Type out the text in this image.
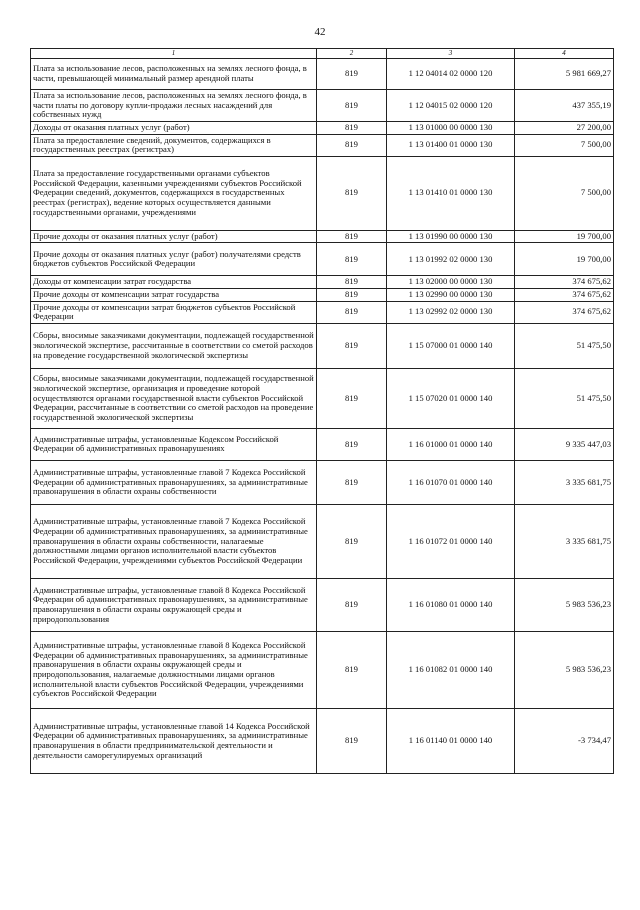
42
1	2	3	4
Плата за использование лесов, расположенных на землях лесного фонда, в части, превышающей минимальный размер арендной платы	819	1 12 04014 02 0000 120	5 981 669,27
Плата за использование лесов, расположенных на землях лесного фонда, в части платы по договору купли-продажи лесных насаждений для собственных нужд	819	1 12 04015 02 0000 120	437 355,19
Доходы от оказания платных услуг (работ)	819	1 13 01000 00 0000 130	27 200,00
Плата за предоставление сведений, документов, содержащихся в государственных реестрах (регистрах)	819	1 13 01400 01 0000 130	7 500,00
Плата за предоставление государственными органами субъектов Российской Федерации, казенными учреждениями субъектов Российской Федерации сведений, документов, содержащихся в государственных реестрах (регистрах), ведение которых осуществляется данными государственными органами, учреждениями	819	1 13 01410 01 0000 130	7 500,00
Прочие доходы от оказания платных услуг (работ)	819	1 13 01990 00 0000 130	19 700,00
Прочие доходы от оказания платных услуг (работ) получателями средств бюджетов субъектов Российской Федерации	819	1 13 01992 02 0000 130	19 700,00
Доходы от компенсации затрат государства	819	1 13 02000 00 0000 130	374 675,62
Прочие доходы от компенсации затрат государства	819	1 13 02990 00 0000 130	374 675,62
Прочие доходы от компенсации затрат бюджетов субъектов Российской Федерации	819	1 13 02992 02 0000 130	374 675,62
Сборы, вносимые заказчиками документации, подлежащей государственной экологической экспертизе, рассчитанные в соответствии со сметой расходов на проведение государственной экологической экспертизы	819	1 15 07000 01 0000 140	51 475,50
Сборы, вносимые заказчиками документации, подлежащей государственной экологической экспертизе, организация и проведение которой осуществляются органами государственной власти субъектов Российской Федерации, рассчитанные в соответствии со сметой расходов на проведение государственной экологической экспертизы	819	1 15 07020 01 0000 140	51 475,50
Административные штрафы, установленные Кодексом Российской Федерации об административных правонарушениях	819	1 16 01000 01 0000 140	9 335 447,03
Административные штрафы, установленные главой 7 Кодекса Российской Федерации об административных правонарушениях, за административные правонарушения в области охраны собственности	819	1 16 01070 01 0000 140	3 335 681,75
Административные штрафы, установленные главой 7 Кодекса Российской Федерации об административных правонарушениях, за административные правонарушения в области охраны собственности, налагаемые должностными лицами органов исполнительной власти субъектов Российской Федерации, учреждениями субъектов Российской Федерации	819	1 16 01072 01 0000 140	3 335 681,75
Административные штрафы, установленные главой 8 Кодекса Российской Федерации об административных правонарушениях, за административные правонарушения в области охраны окружающей среды и природопользования	819	1 16 01080 01 0000 140	5 983 536,23
Административные штрафы, установленные главой 8 Кодекса Российской Федерации об административных правонарушениях, за административные правонарушения в области охраны окружающей среды и природопользования, налагаемые должностными лицами органов исполнительной власти субъектов Российской Федерации, учреждениями субъектов Российской Федерации	819	1 16 01082 01 0000 140	5 983 536,23
Административные штрафы, установленные главой 14 Кодекса Российской Федерации об административных правонарушениях, за административные правонарушения в области предпринимательской деятельности и деятельности саморегулируемых организаций	819	1 16 01140 01 0000 140	-3 734,47
